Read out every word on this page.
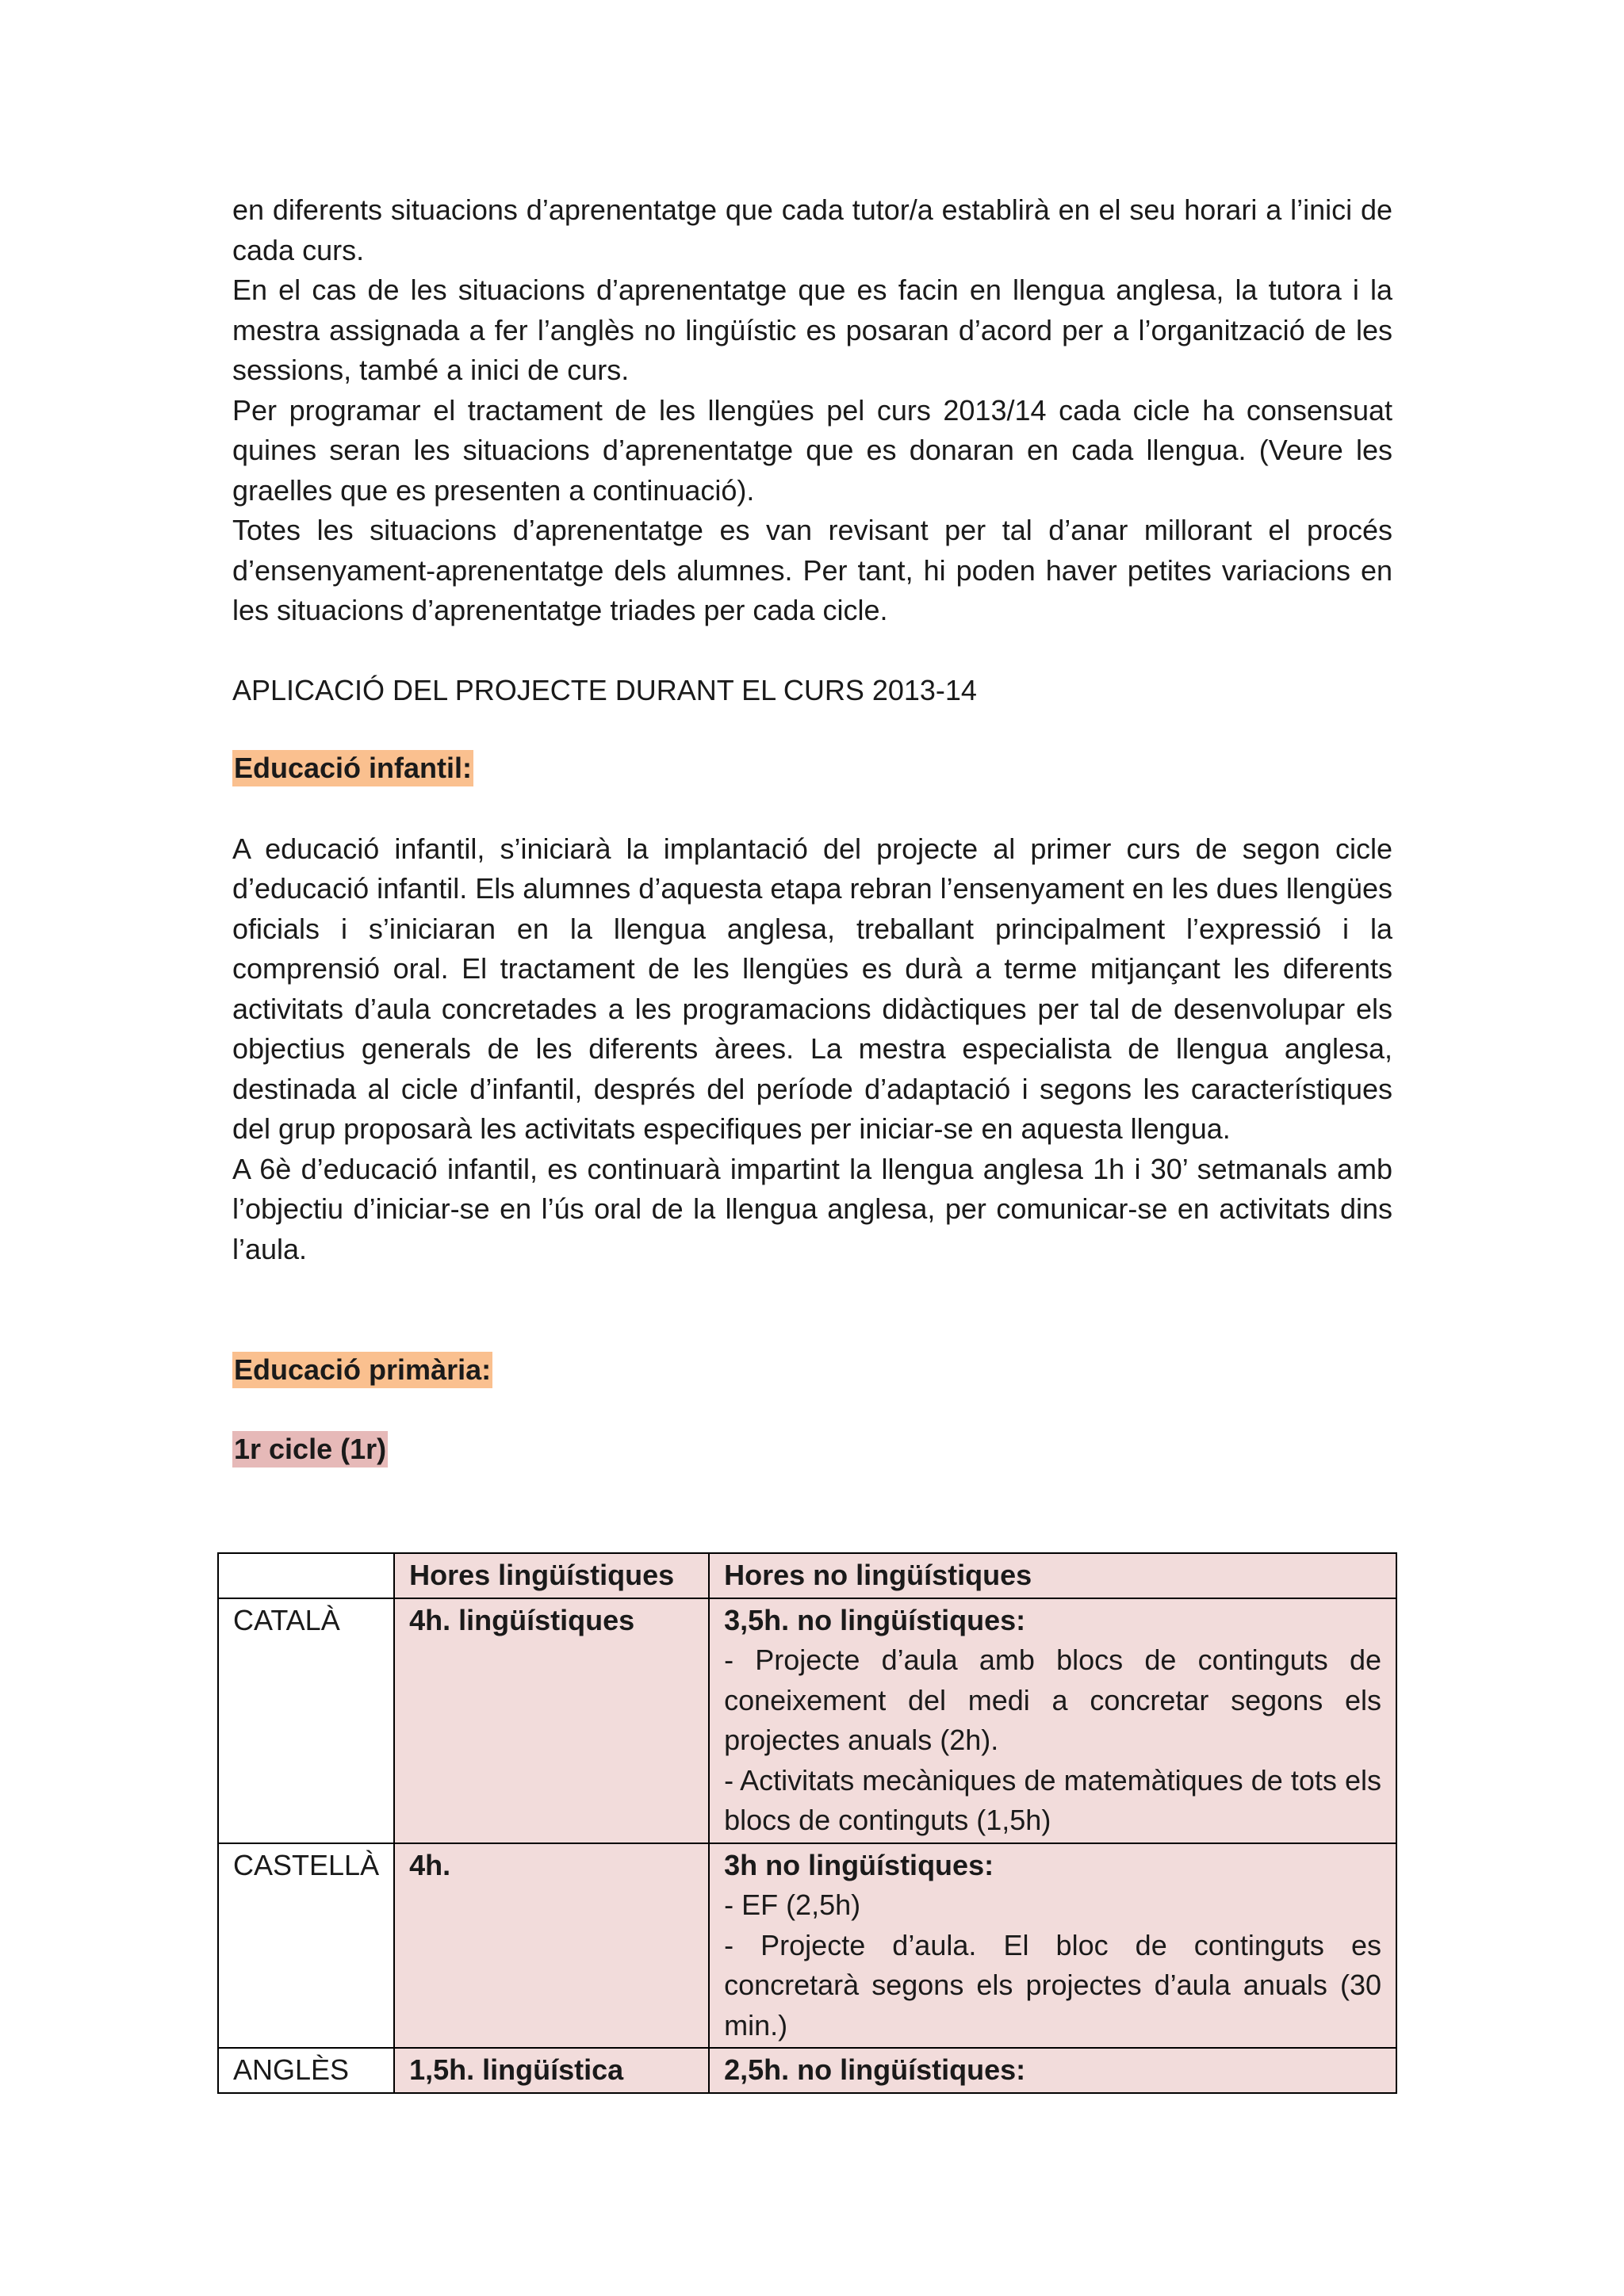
en diferents situacions d’aprenentatge que cada tutor/a establirà en el seu horari a l’inici de cada curs.

En el cas de les situacions d’aprenentatge que es facin en llengua anglesa, la tutora i la mestra assignada a fer l’anglès no lingüístic es posaran d’acord per a l’organització de les sessions, també a inici de curs.

Per programar el tractament de les llengües pel curs 2013/14 cada cicle ha consensuat quines seran les situacions d’aprenentatge que es donaran en cada llengua. (Veure les graelles que es presenten a continuació).

Totes les situacions d’aprenentatge es van revisant per tal d’anar millorant el procés d’ensenyament-aprenentatge dels alumnes. Per tant, hi poden haver petites variacions en les situacions d’aprenentatge triades per cada cicle.

APLICACIÓ DEL PROJECTE DURANT EL CURS 2013-14
Educació infantil:

A educació infantil, s’iniciarà la implantació del projecte al primer curs de segon cicle d’educació infantil. Els alumnes d’aquesta etapa rebran l’ensenyament en les dues llengües oficials i s’iniciaran en la llengua anglesa, treballant principalment l’expressió i la comprensió oral. El tractament de les llengües es durà a terme mitjançant les diferents activitats d’aula concretades a les programacions didàctiques per tal de desenvolupar els objectius generals de les diferents àrees. La mestra especialista de llengua anglesa, destinada al cicle d’infantil, després del període d’adaptació i segons les característiques del grup proposarà les activitats especifiques per iniciar-se en aquesta llengua.

A 6è d’educació infantil, es continuarà impartint la llengua anglesa 1h i 30’ setmanals amb l’objectiu d’iniciar-se en l’ús oral de la llengua anglesa, per comunicar-se en activitats dins l’aula.

Educació primària:
1r cicle (1r)
	Hores lingüístiques	Hores no lingüístiques
CATALÀ	4h. lingüístiques	3,5h. no lingüístiques:
- Projecte d’aula amb blocs de continguts de coneixement del medi a concretar segons els projectes anuals (2h).
- Activitats mecàniques de matemàtiques de tots els blocs de continguts (1,5h)

CASTELLÀ	4h.	3h no lingüístiques:
- EF (2,5h)
- Projecte d’aula. El bloc de continguts es concretarà segons els projectes d’aula anuals (30 min.)

ANGLÈS	1,5h. lingüística	2,5h. no lingüístiques:
